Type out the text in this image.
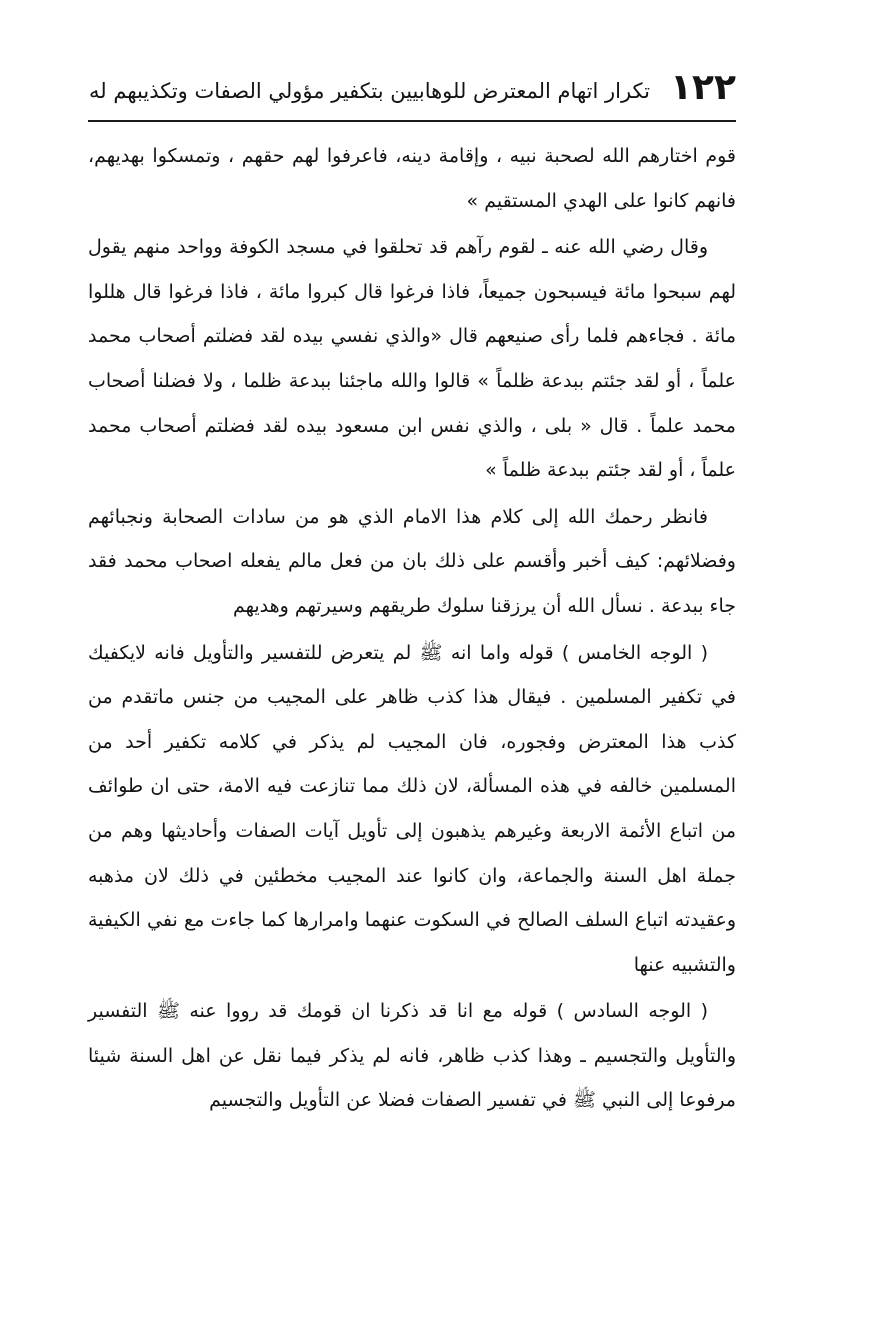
١٢٢
تكرار اتهام المعترض للوهابيين بتكفير مؤولي الصفات وتكذيبهم له

قوم اختارهم الله لصحبة نبيه ، وإقامة دينه، فاعرفوا لهم حقهم ، وتمسكوا بهديهم، فانهم كانوا على الهدي المستقيم »

وقال رضي الله عنه ـ لقوم رآهم قد تحلقوا في مسجد الكوفة وواحد منهم يقول لهم سبحوا مائة فيسبحون جميعاً، فاذا فرغوا قال كبروا مائة ، فاذا فرغوا قال هللوا مائة . فجاءهم فلما رأى صنيعهم قال «والذي نفسي بيده لقد فضلتم أصحاب محمد علماً ، أو لقد جئتم ببدعة ظلماً » قالوا والله ماجئنا ببدعة ظلما ، ولا فضلنا أصحاب محمد علماً . قال « بلى ، والذي نفس ابن مسعود بيده لقد فضلتم أصحاب محمد علماً ، أو لقد جئتم ببدعة ظلماً »

فانظر رحمك الله إلى كلام هذا الامام الذي هو من سادات الصحابة ونجبائهم وفضلائهم: كيف أخبر وأقسم على ذلك بان من فعل مالم يفعله اصحاب محمد فقد جاء ببدعة . نسأل الله أن يرزقنا سلوك طريقهم وسيرتهم وهديهم

( الوجه الخامس ) قوله واما انه ﷺ لم يتعرض للتفسير والتأويل فانه لايكفيك في تكفير المسلمين . فيقال هذا كذب ظاهر على المجيب من جنس ماتقدم من كذب هذا المعترض وفجوره، فان المجيب لم يذكر في كلامه تكفير أحد من المسلمين خالفه في هذه المسألة، لان ذلك مما تنازعت فيه الامة، حتى ان طوائف من اتباع الأئمة الاربعة وغيرهم يذهبون إلى تأويل آيات الصفات وأحاديثها وهم من جملة اهل السنة والجماعة، وان كانوا عند المجيب مخطئين في ذلك لان مذهبه وعقيدته اتباع السلف الصالح في السكوت عنهما وامرارها كما جاءت مع نفي الكيفية والتشبيه عنها

( الوجه السادس ) قوله مع انا قد ذكرنا ان قومك قد رووا عنه ﷺ التفسير والتأويل والتجسيم ـ وهذا كذب ظاهر، فانه لم يذكر فيما نقل عن اهل السنة شيئا مرفوعا إلى النبي ﷺ في تفسير الصفات فضلا عن التأويل والتجسيم
